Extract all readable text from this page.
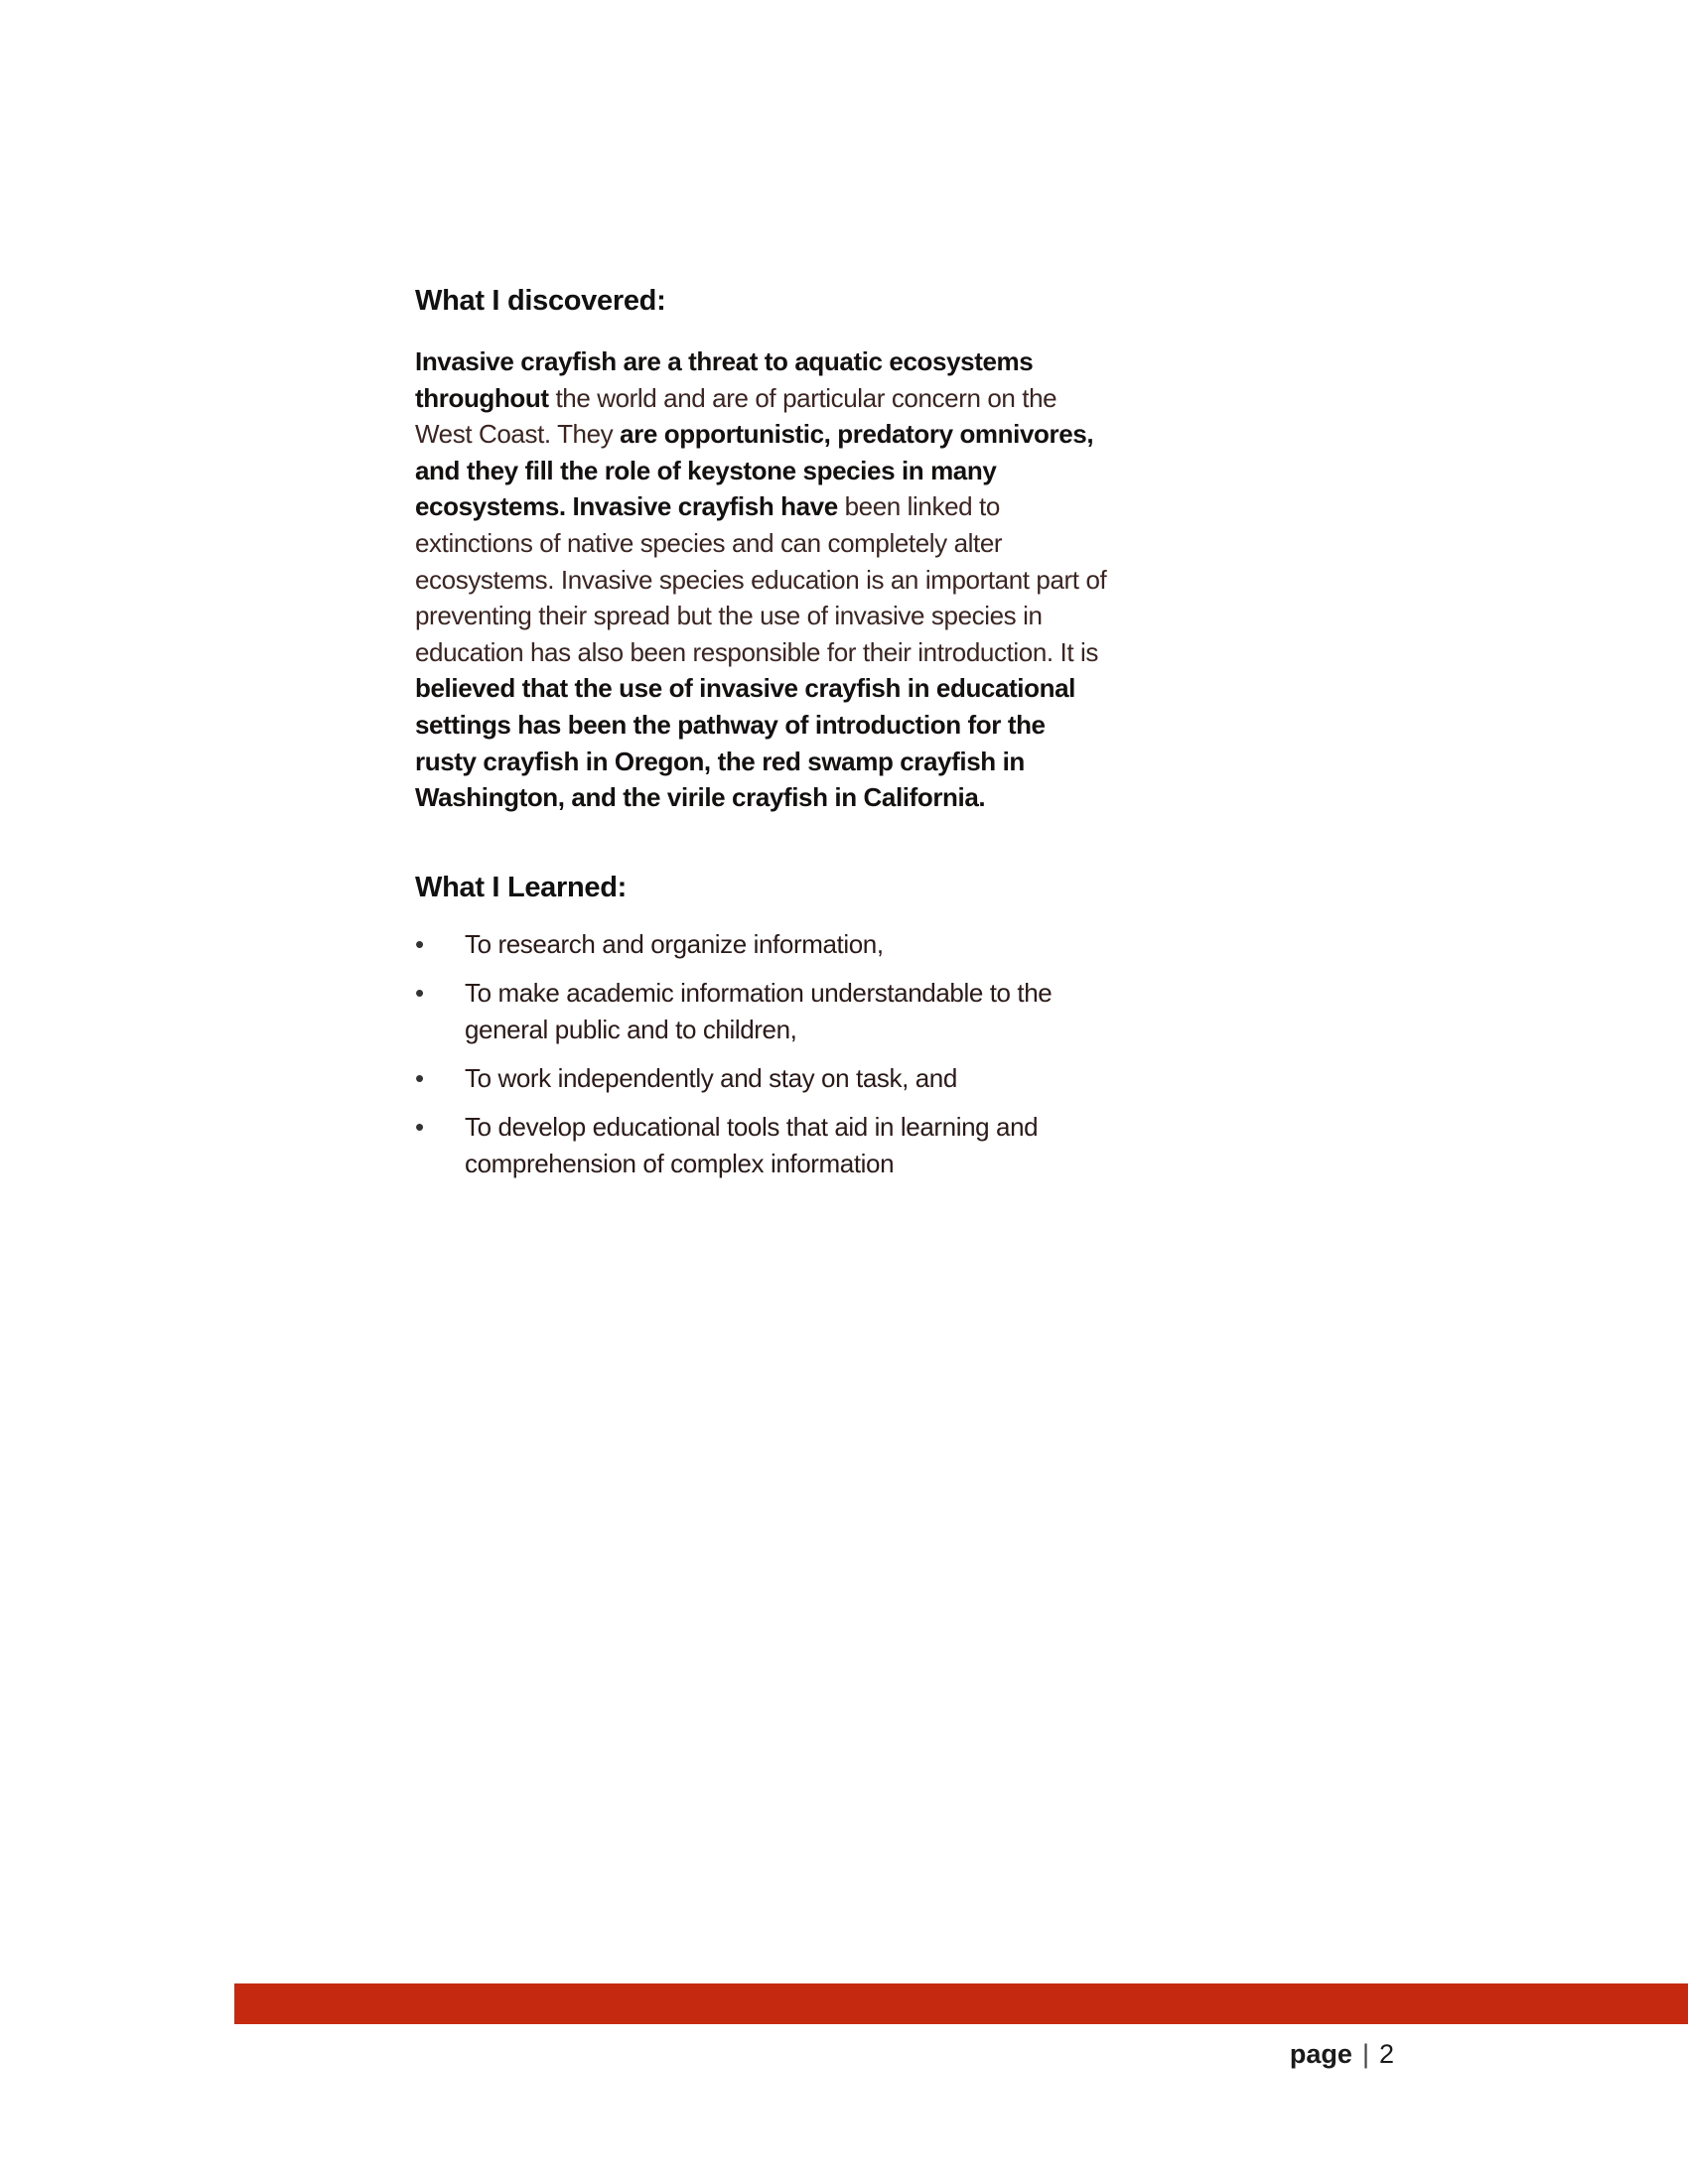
What I discovered:

Invasive crayfish are a threat to aquatic ecosystems throughout the world and are of particular concern on the West Coast. They are opportunistic, predatory omnivores, and they fill the role of keystone species in many ecosystems. Invasive crayfish have been linked to extinctions of native species and can completely alter ecosystems. Invasive species education is an important part of preventing their spread but the use of invasive species in education has also been responsible for their introduction. It is believed that the use of invasive crayfish in educational settings has been the pathway of introduction for the rusty crayfish in Oregon, the red swamp crayfish in Washington, and the virile crayfish in California.

What I Learned:
•	To research and organize information,
•	To make academic information understandable to the general public and to children,
•	To work independently and stay on task, and
•	To develop educational tools that aid in learning and comprehension of complex information
page | 2
